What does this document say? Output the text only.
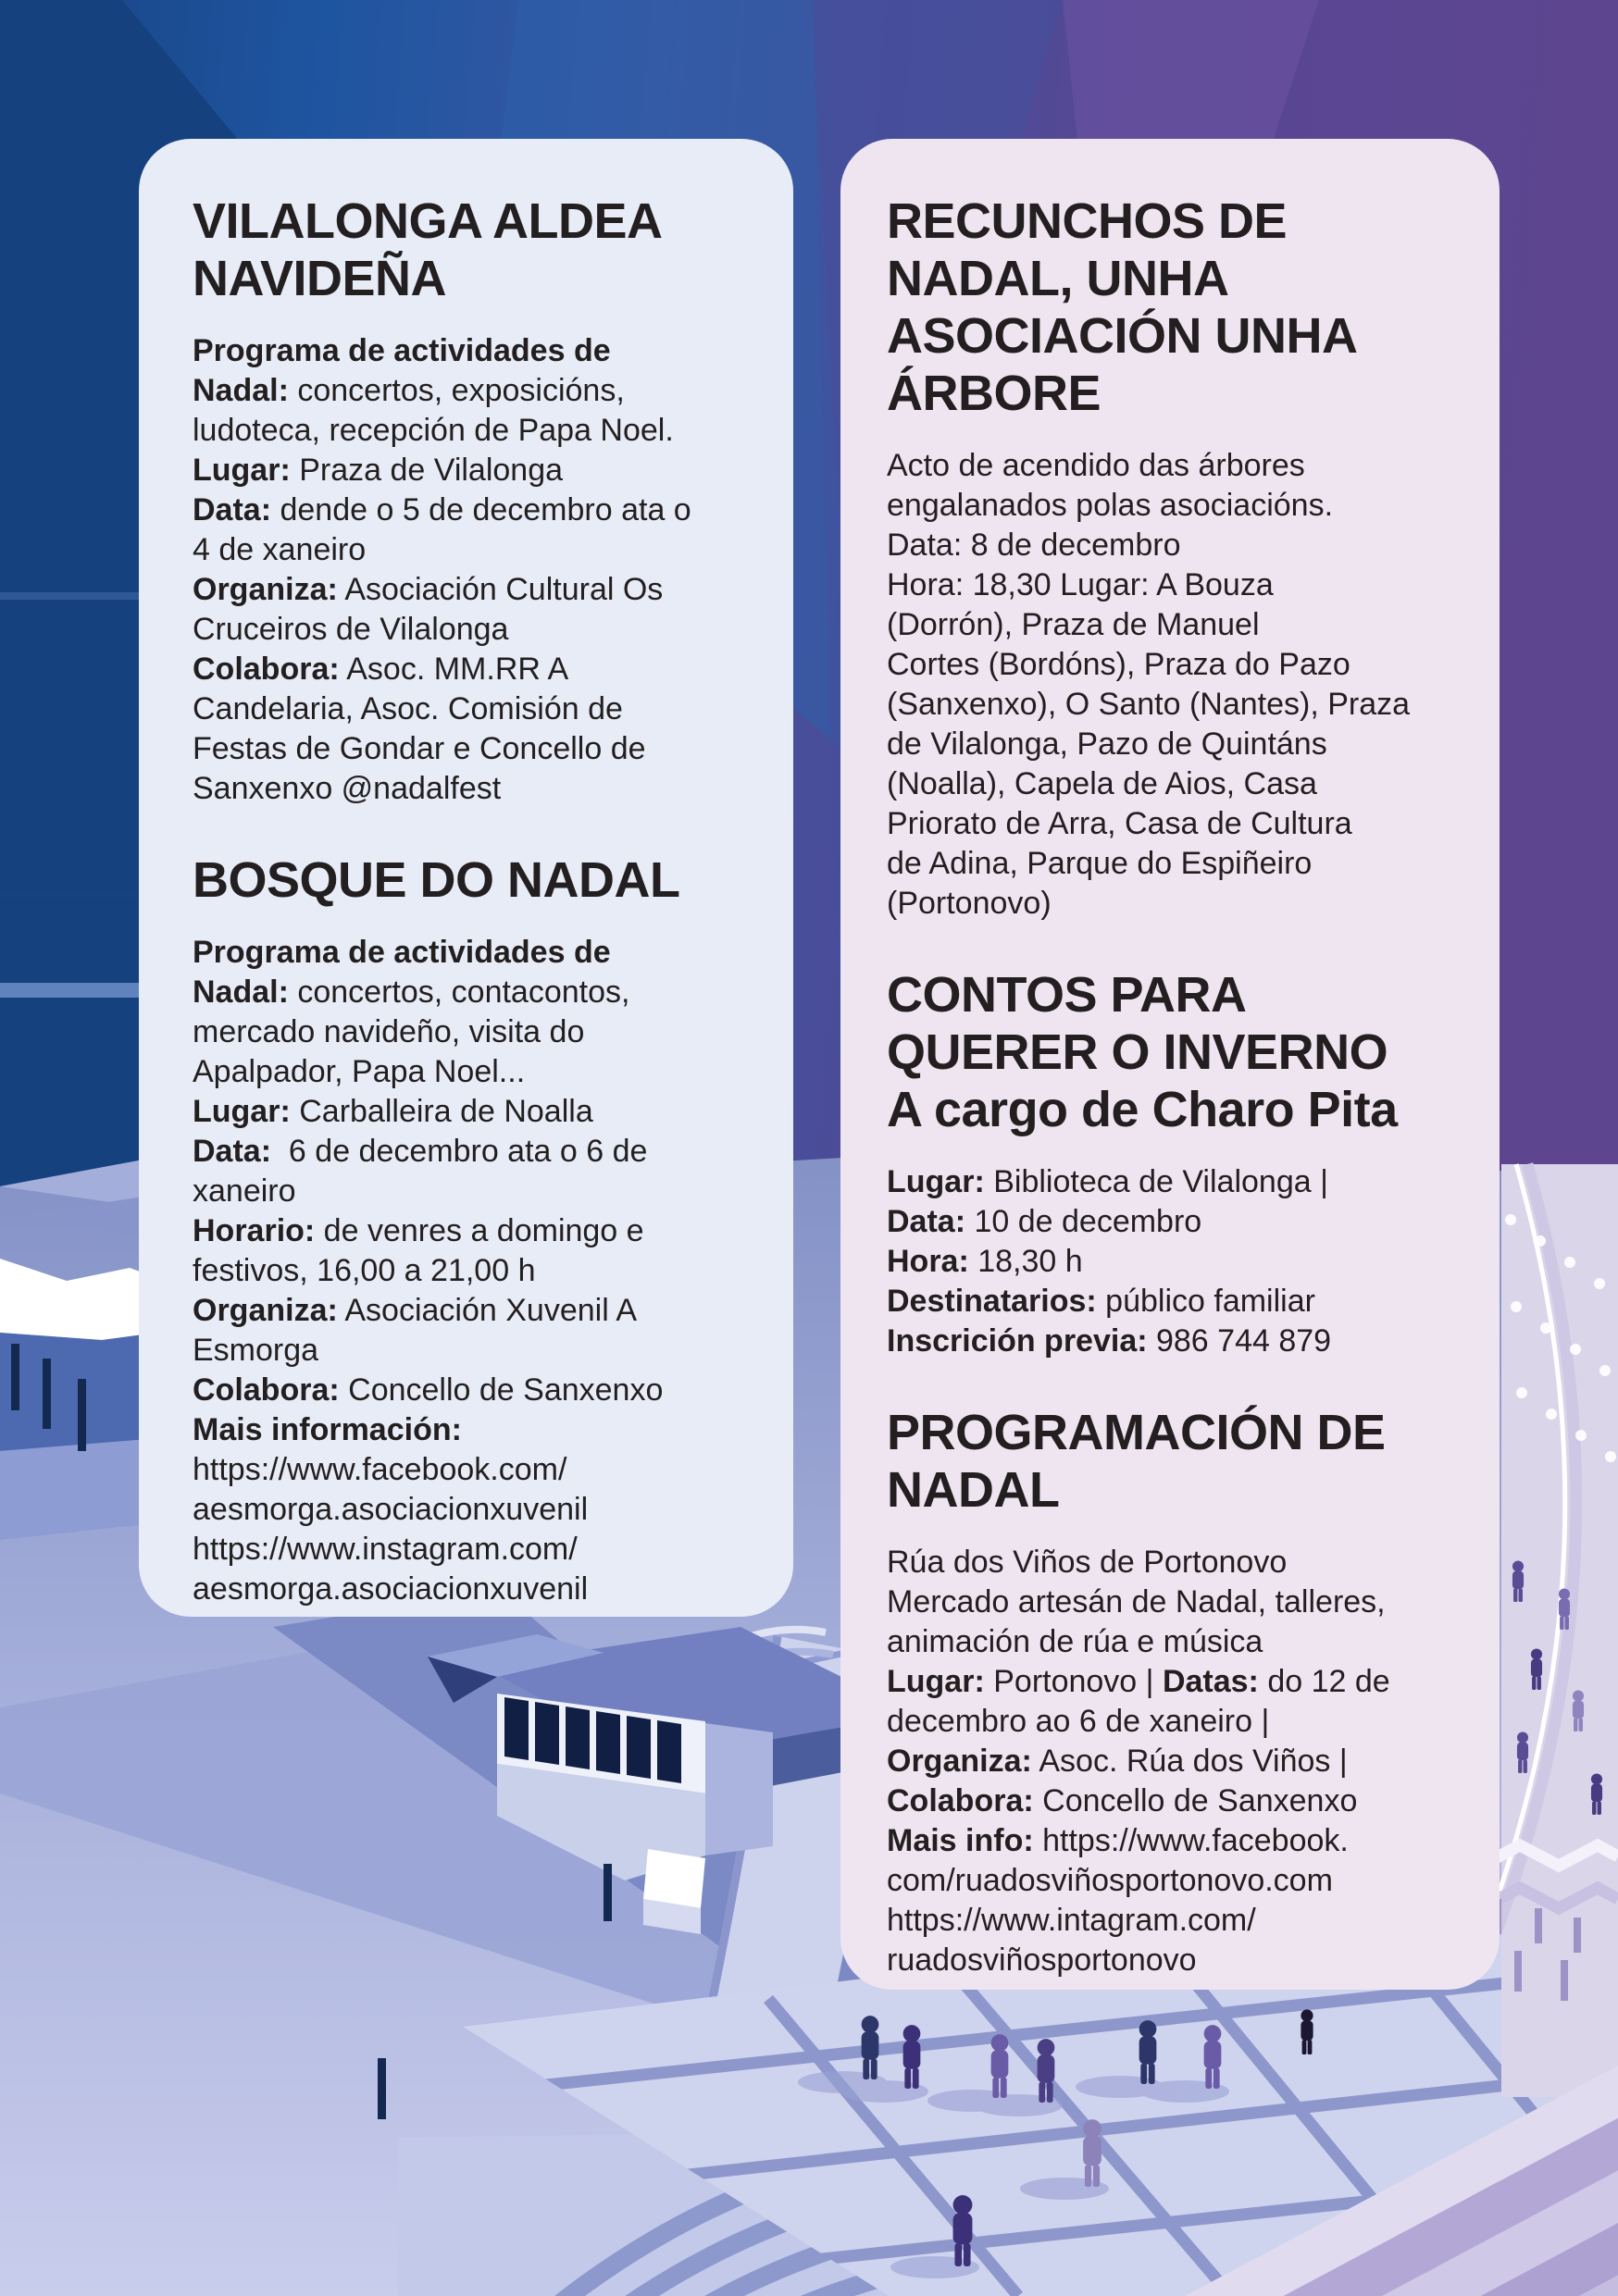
VILALONGA ALDEA NAVIDEÑA
Programa de actividades de
Nadal: concertos, exposicións,
ludoteca, recepción de Papa Noel.
Lugar: Praza de Vilalonga
Data: dende o 5 de decembro ata o
4 de xaneiro
Organiza: Asociación Cultural Os
Cruceiros de Vilalonga
Colabora: Asoc. MM.RR A
Candelaria, Asoc. Comisión de
Festas de Gondar e Concello de
Sanxenxo @nadalfest
BOSQUE DO NADAL
Programa de actividades de
Nadal: concertos, contacontos,
mercado navideño, visita do
Apalpador, Papa Noel...
Lugar: Carballeira de Noalla
Data:  6 de decembro ata o 6 de
xaneiro
Horario: de venres a domingo e
festivos, 16,00 a 21,00 h
Organiza: Asociación Xuvenil A
Esmorga
Colabora: Concello de Sanxenxo
Mais información:
https://www.facebook.com/
aesmorga.asociacionxuvenil
https://www.instagram.com/
aesmorga.asociacionxuvenil
RECUNCHOS DE NADAL, UNHA ASOCIACIÓN UNHA ÁRBORE
Acto de acendido das árbores
engalanados polas asociacións.
Data: 8 de decembro
Hora: 18,30 Lugar: A Bouza
(Dorrón), Praza de Manuel
Cortes (Bordóns), Praza do Pazo
(Sanxenxo), O Santo (Nantes), Praza
de Vilalonga, Pazo de Quintáns
(Noalla), Capela de Aios, Casa
Priorato de Arra, Casa de Cultura
de Adina, Parque do Espiñeiro
(Portonovo)
CONTOS PARA QUERER O INVERNO
A cargo de Charo Pita
Lugar: Biblioteca de Vilalonga |
Data: 10 de decembro
Hora: 18,30 h
Destinatarios: público familiar
Inscrición previa: 986 744 879
PROGRAMACIÓN DE NADAL
Rúa dos Viños de Portonovo
Mercado artesán de Nadal, talleres,
animación de rúa e música
Lugar: Portonovo | Datas: do 12 de
decembro ao 6 de xaneiro |
Organiza: Asoc. Rúa dos Viños |
Colabora: Concello de Sanxenxo
Mais info: https://www.facebook.
com/ruadosviñosportonovo.com
https://www.intagram.com/
ruadosviñosportonovo
